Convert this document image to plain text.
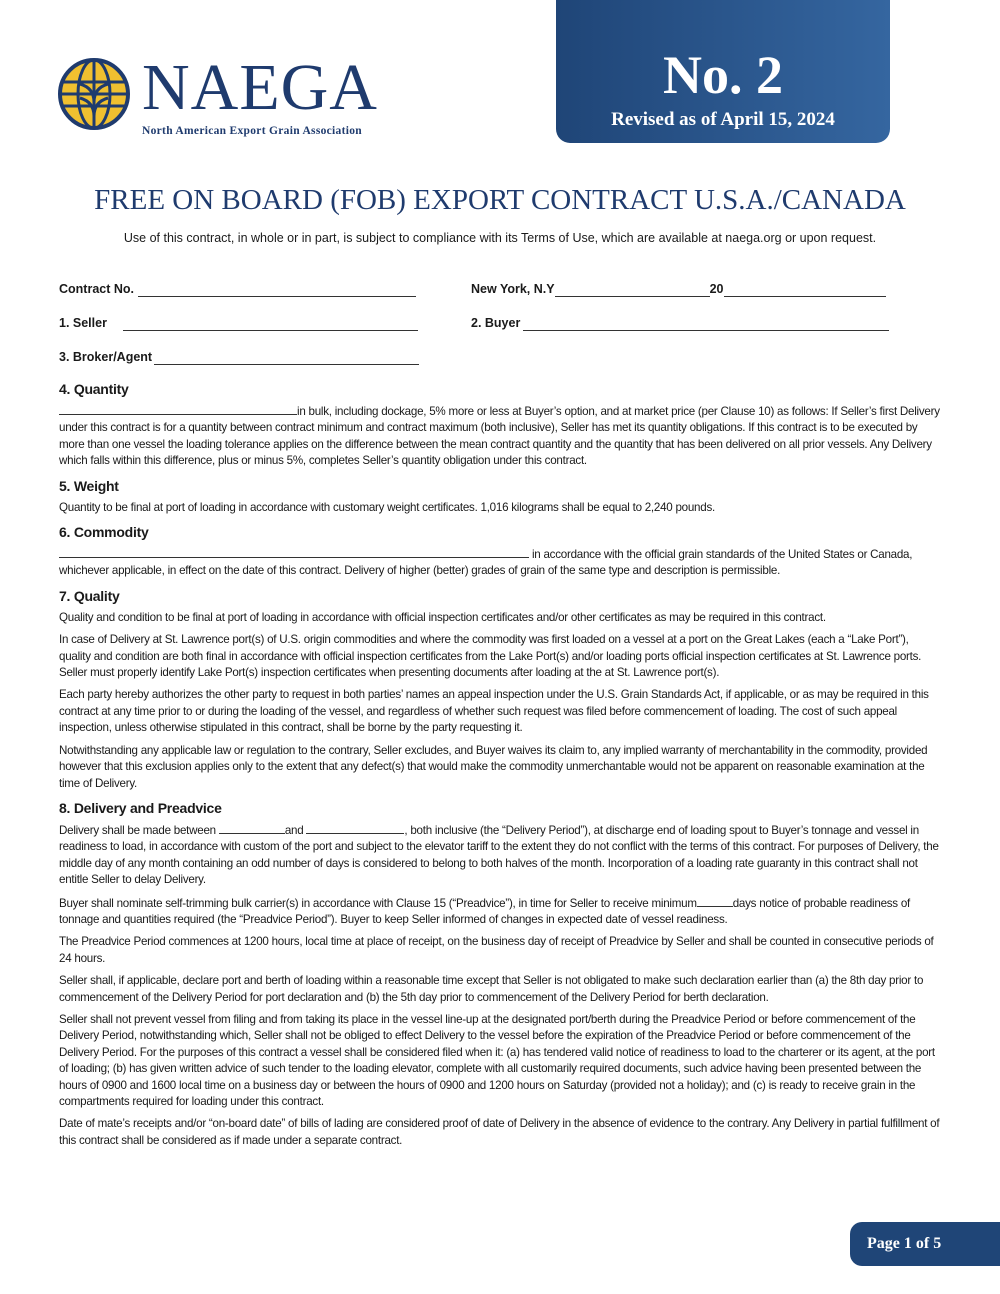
NAEGA
North American Export Grain Association
No. 2
Revised as of April 15, 2024
FREE ON BOARD (FOB) EXPORT CONTRACT U.S.A./CANADA
Use of this contract, in whole or in part, is subject to compliance with its Terms of Use, which are available at naega.org or upon request.
Contract No.	New York, N.Y	20
1. Seller	2. Buyer
3. Broker/Agent
4. Quantity

in bulk, including dockage, 5% more or less at Buyer’s option, and at market price (per Clause 10) as follows: If Seller’s first Delivery under this contract is for a quantity between contract minimum and contract maximum (both inclusive), Seller has met its quantity obligations. If this contract is to be executed by more than one vessel the loading tolerance applies on the difference between the mean contract quantity and the quantity that has been delivered on all prior vessels. Any Delivery which falls within this difference, plus or minus 5%, completes Seller’s quantity obligation under this contract.

5. Weight

Quantity to be final at port of loading in accordance with customary weight certificates. 1,016 kilograms shall be equal to 2,240 pounds.

6. Commodity

in accordance with the official grain standards of the United States or Canada, whichever applicable, in effect on the date of this contract. Delivery of higher (better) grades of grain of the same type and description is permissible.

7. Quality

Quality and condition to be final at port of loading in accordance with official inspection certificates and/or other certificates as may be required in this contract.

In case of Delivery at St. Lawrence port(s) of U.S. origin commodities and where the commodity was first loaded on a vessel at a port on the Great Lakes (each a “Lake Port”), quality and condition are both final in accordance with official inspection certificates from the Lake Port(s) and/or loading ports official inspection certificates at St. Lawrence ports. Seller must properly identify Lake Port(s) inspection certificates when presenting documents after loading at the at St. Lawrence port(s).

Each party hereby authorizes the other party to request in both parties’ names an appeal inspection under the U.S. Grain Standards Act, if applicable, or as may be required in this contract at any time prior to or during the loading of the vessel, and regardless of whether such request was filed before commencement of loading. The cost of such appeal inspection, unless otherwise stipulated in this contract, shall be borne by the party requesting it.

Notwithstanding any applicable law or regulation to the contrary, Seller excludes, and Buyer waives its claim to, any implied warranty of merchantability in the commodity, provided however that this exclusion applies only to the extent that any defect(s) that would make the commodity unmerchantable would not be apparent on reasonable examination at the time of Delivery.

8. Delivery and Preadvice

Delivery shall be made between	and	, both inclusive (the “Delivery Period”), at discharge end of loading spout to Buyer’s tonnage and vessel in readiness to load, in accordance with custom of the port and subject to the elevator tariff to the extent they do not conflict with the terms of this contract. For purposes of Delivery, the middle day of any month containing an odd number of days is considered to belong to both halves of the month. Incorporation of a loading rate guaranty in this contract shall not entitle Seller to delay Delivery.

Buyer shall nominate self-trimming bulk carrier(s) in accordance with Clause 15 (“Preadvice”), in time for Seller to receive minimum	days notice of probable readiness of tonnage and quantities required (the “Preadvice Period”). Buyer to keep Seller informed of changes in expected date of vessel readiness.

The Preadvice Period commences at 1200 hours, local time at place of receipt, on the business day of receipt of Preadvice by Seller and shall be counted in consecutive periods of 24 hours.

Seller shall, if applicable, declare port and berth of loading within a reasonable time except that Seller is not obligated to make such declaration earlier than (a) the 8th day prior to commencement of the Delivery Period for port declaration and (b) the 5th day prior to commencement of the Delivery Period for berth declaration.

Seller shall not prevent vessel from filing and from taking its place in the vessel line-up at the designated port/berth during the Preadvice Period or before commencement of the Delivery Period, notwithstanding which, Seller shall not be obliged to effect Delivery to the vessel before the expiration of the Preadvice Period or before commencement of the Delivery Period. For the purposes of this contract a vessel shall be considered filed when it: (a) has tendered valid notice of readiness to load to the charterer or its agent, at the port of loading; (b) has given written advice of such tender to the loading elevator, complete with all customarily required documents, such advice having been presented between the hours of 0900 and 1600 local time on a business day or between the hours of 0900 and 1200 hours on Saturday (provided not a holiday); and (c) is ready to receive grain in the compartments required for loading under this contract.

Date of mate’s receipts and/or “on-board date” of bills of lading are considered proof of date of Delivery in the absence of evidence to the contrary. Any Delivery in partial fulfillment of this contract shall be considered as if made under a separate contract.

Page 1 of 5
